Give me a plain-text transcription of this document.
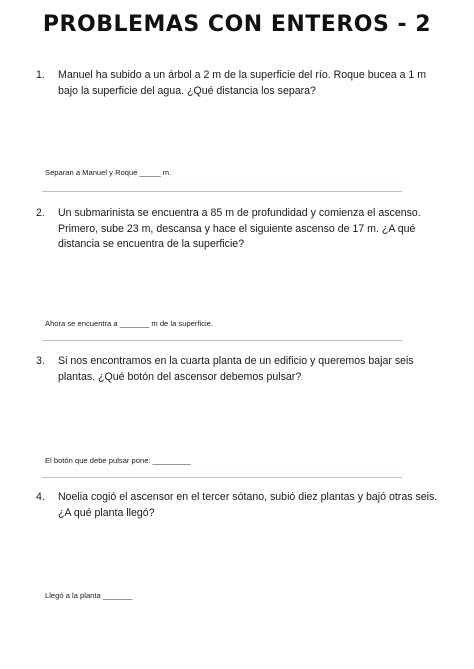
PROBLEMAS CON ENTEROS - 2
1.	Manuel ha subido a un árbol a 2 m de la superficie del río. Roque bucea a 1 m bajo la superficie del agua. ¿Qué distancia los separa?
Separan a Manuel y Roque _____ m.
2.	Un submarinista se encuentra a 85 m de profundidad y comienza el ascenso. Primero, sube 23 m, descansa y hace el siguiente ascenso de 17 m. ¿A qué distancia se encuentra de la superficie?
Ahora se encuentra a _______ m de la superficie.
3.	Si nos encontramos en la cuarta planta de un edificio y queremos bajar seis plantas. ¿Qué botón del ascensor debemos pulsar?
El botón que debe pulsar pone: _________
4.	Noelia cogió el ascensor en el tercer sótano, subió diez plantas y bajó otras seis. ¿A qué planta llegó?
Llegó a la planta _______
